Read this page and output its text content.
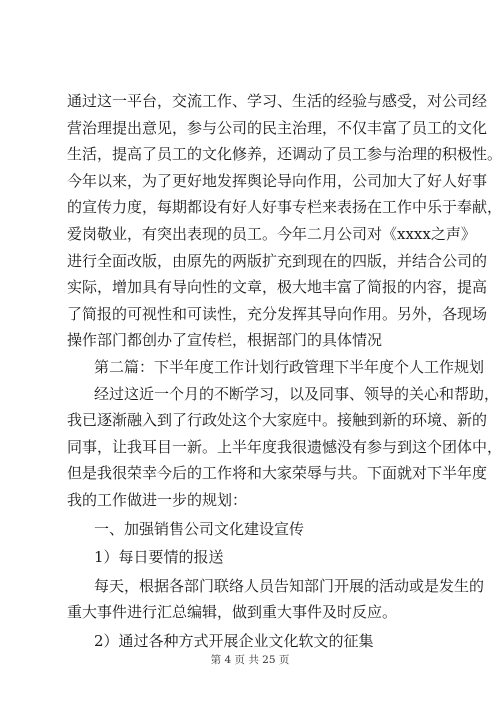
通过这一平台，交流工作、学习、生活的经验与感受，对公司经
营治理提出意见，参与公司的民主治理，不仅丰富了员工的文化
生活，提高了员工的文化修养，还调动了员工参与治理的积极性。
今年以来，为了更好地发挥舆论导向作用，公司加大了好人好事
的宣传力度，每期都设有好人好事专栏来表扬在工作中乐于奉献，
爱岗敬业，有突出表现的员工。今年二月公司对《xxxx之声》
进行全面改版，由原先的两版扩充到现在的四版，并结合公司的
实际，增加具有导向性的文章，极大地丰富了简报的内容，提高
了简报的可视性和可读性，充分发挥其导向作用。另外，各现场
操作部门都创办了宣传栏，根据部门的具体情况
第二篇：下半年度工作计划行政管理下半年度个人工作规划
经过这近一个月的不断学习，以及同事、领导的关心和帮助，
我已逐渐融入到了行政处这个大家庭中。接触到新的环境、新的
同事，让我耳目一新。上半年度我很遗憾没有参与到这个团体中，
但是我很荣幸今后的工作将和大家荣辱与共。下面就对下半年度
我的工作做进一步的规划：
一、加强销售公司文化建设宣传
1）每日要情的报送
每天，根据各部门联络人员告知部门开展的活动或是发生的
重大事件进行汇总编辑，做到重大事件及时反应。
2）通过各种方式开展企业文化软文的征集
第 4 页 共 25 页
